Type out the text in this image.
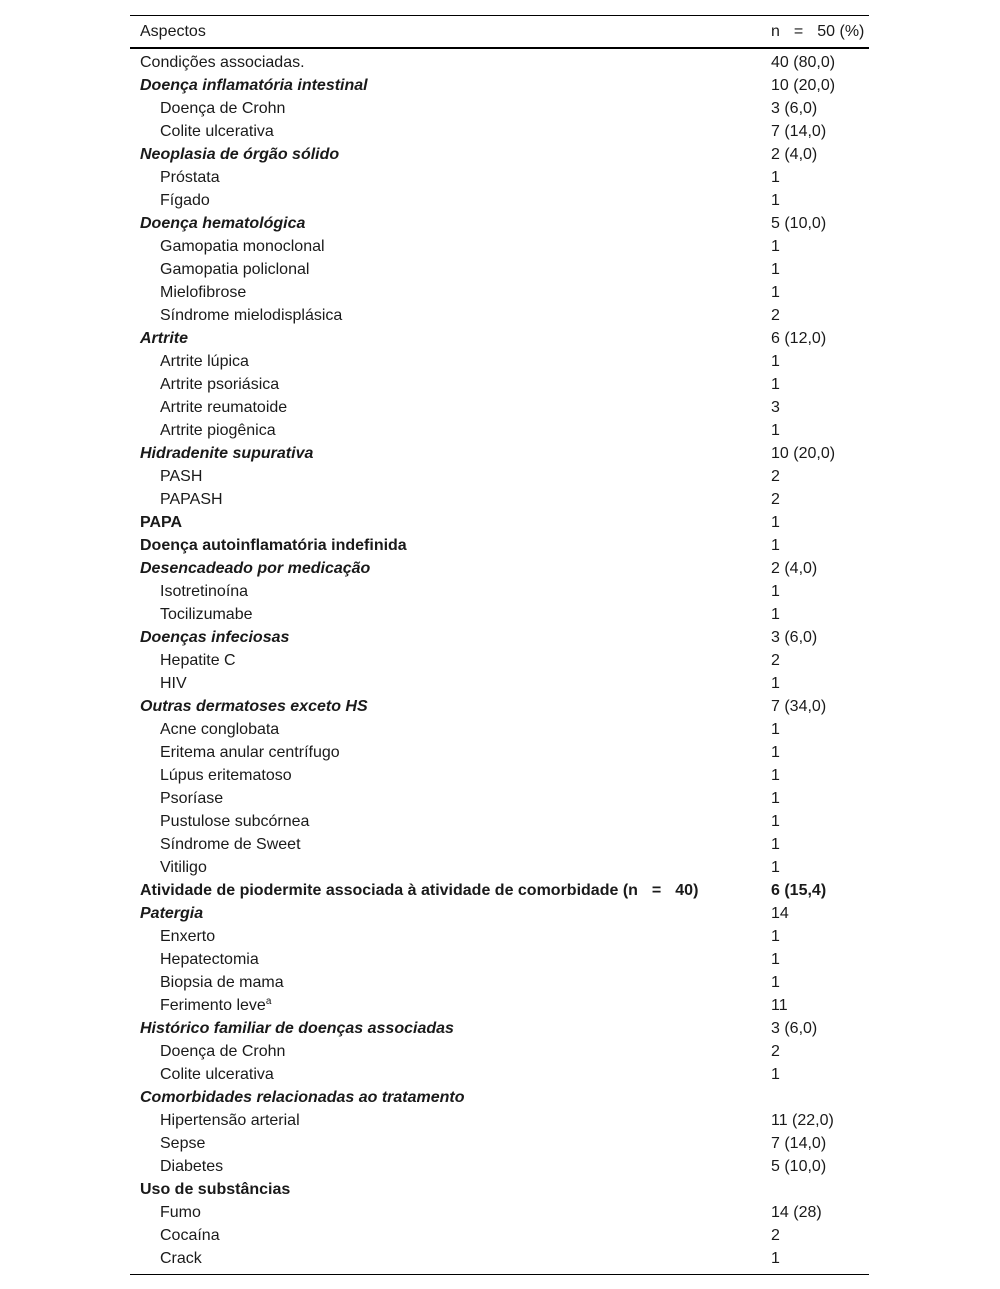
Aspectos	n = 50 (%)
Condições associadas.	40 (80,0)
Doença inflamatória intestinal	10 (20,0)
Doença de Crohn	3 (6,0)
Colite ulcerativa	7 (14,0)
Neoplasia de órgão sólido	2 (4,0)
Próstata	1
Fígado	1
Doença hematológica	5 (10,0)
Gamopatia monoclonal	1
Gamopatia policlonal	1
Mielofibrose	1
Síndrome mielodisplásica	2
Artrite	6 (12,0)
Artrite lúpica	1
Artrite psoriásica	1
Artrite reumatoide	3
Artrite piogênica	1
Hidradenite supurativa	10 (20,0)
PASH	2
PAPASH	2
PAPA	1
Doença autoinflamatória indefinida	1
Desencadeado por medicação	2 (4,0)
Isotretinoína	1
Tocilizumabe	1
Doenças infeciosas	3 (6,0)
Hepatite C	2
HIV	1
Outras dermatoses exceto HS	7 (34,0)
Acne conglobata	1
Eritema anular centrífugo	1
Lúpus eritematoso	1
Psoríase	1
Pustulose subcórnea	1
Síndrome de Sweet	1
Vitiligo	1
Atividade de piodermite associada à atividade de comorbidade (n = 40)	6 (15,4)
Patergia	14
Enxerto	1
Hepatectomia	1
Biopsia de mama	1
Ferimento leve$^a$	11
Histórico familiar de doenças associadas	3 (6,0)
Doença de Crohn	2
Colite ulcerativa	1
Comorbidades relacionadas ao tratamento	
Hipertensão arterial	11 (22,0)
Sepse	7 (14,0)
Diabetes	5 (10,0)
Uso de substâncias	
Fumo	14 (28)
Cocaína	2
Crack	1
